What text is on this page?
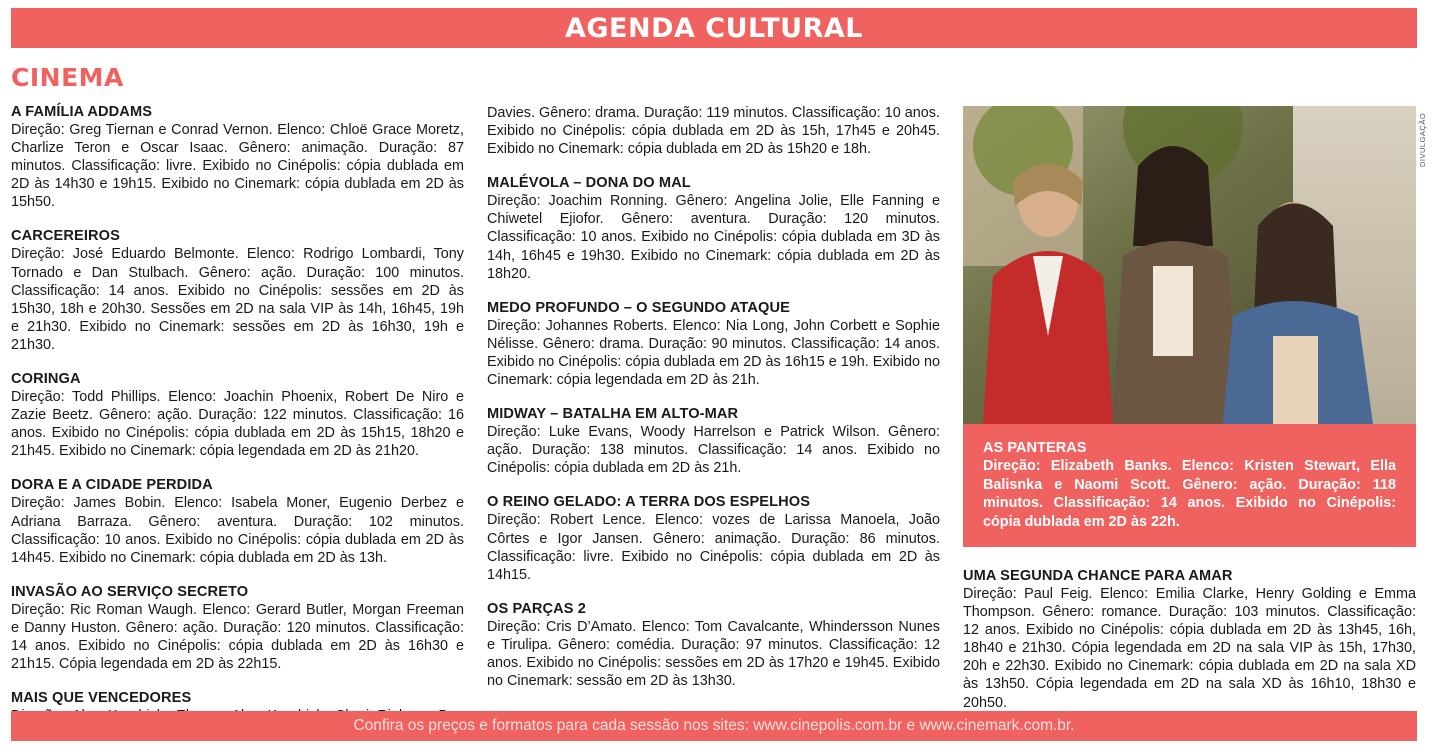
AGENDA CULTURAL
CINEMA
A FAMÍLIA ADDAMS

Direção: Greg Tiernan e Conrad Vernon. Elenco: Chloë Grace Moretz, Charlize Teron e Oscar Isaac. Gênero: animação. Duração: 87 minutos. Classificação: livre. Exibido no Cinépolis: cópia dublada em 2D às 14h30 e 19h15. Exibido no Cinemark: cópia dublada em 2D às 15h50.

CARCEREIROS

Direção: José Eduardo Belmonte. Elenco: Rodrigo Lombardi, Tony Tornado e Dan Stulbach. Gênero: ação. Duração: 100 minutos. Classificação: 14 anos. Exibido no Cinépolis: sessões em 2D às 15h30, 18h e 20h30. Sessões em 2D na sala VIP às 14h, 16h45, 19h e 21h30. Exibido no Cinemark: sessões em 2D às 16h30, 19h e 21h30.

CORINGA

Direção: Todd Phillips. Elenco: Joachin Phoenix, Robert De Niro e Zazie Beetz. Gênero: ação. Duração: 122 minutos. Classificação: 16 anos. Exibido no Cinépolis: cópia dublada em 2D às 15h15, 18h20 e 21h45. Exibido no Cinemark: cópia legendada em 2D às 21h20.

DORA E A CIDADE PERDIDA

Direção: James Bobin. Elenco: Isabela Moner, Eugenio Derbez e Adriana Barraza. Gênero: aventura. Duração: 102 minutos. Classificação: 10 anos. Exibido no Cinépolis: cópia dublada em 2D às 14h45. Exibido no Cinemark: cópia dublada em 2D às 13h.

INVASÃO AO SERVIÇO SECRETO

Direção: Ric Roman Waugh. Elenco: Gerard Butler, Morgan Freeman e Danny Huston. Gênero: ação. Duração: 120 minutos. Classificação: 14 anos. Exibido no Cinépolis: cópia dublada em 2D às 16h30 e 21h15. Cópia legendada em 2D às 22h15.

MAIS QUE VENCEDORES

Davies. Gênero: drama. Duração: 119 minutos. Classificação: 10 anos. Exibido no Cinépolis: cópia dublada em 2D às 15h, 17h45 e 20h45. Exibido no Cinemark: cópia dublada em 2D às 15h20 e 18h.

MALÉVOLA – DONA DO MAL

Direção: Joachim Ronning. Gênero: Angelina Jolie, Elle Fanning e Chiwetel Ejiofor. Gênero: aventura. Duração: 120 minutos. Classificação: 10 anos. Exibido no Cinépolis: cópia dublada em 3D às 14h, 16h45 e 19h30. Exibido no Cinemark: cópia dublada em 2D às 18h20.

MEDO PROFUNDO – O SEGUNDO ATAQUE

Direção: Johannes Roberts. Elenco: Nia Long, John Corbett e Sophie Nélisse. Gênero: drama. Duração: 90 minutos. Classificação: 14 anos. Exibido no Cinépolis: cópia dublada em 2D às 16h15 e 19h. Exibido no Cinemark: cópia legendada em 2D às 21h.

MIDWAY – BATALHA EM ALTO-MAR

Direção: Luke Evans, Woody Harrelson e Patrick Wilson. Gênero: ação. Duração: 138 minutos. Classificação: 14 anos. Exibido no Cinépolis: cópia dublada em 2D às 21h.

O REINO GELADO: A TERRA DOS ESPELHOS

Direção: Robert Lence. Elenco: vozes de Larissa Manoela, João Côrtes e Igor Jansen. Gênero: animação. Duração: 86 minutos. Classificação: livre. Exibido no Cinépolis: cópia dublada em 2D às 14h15.

OS PARÇAS 2

Direção: Cris D’Amato. Elenco: Tom Cavalcante, Whindersson Nunes e Tirulipa. Gênero: comédia. Duração: 97 minutos. Classificação: 12 anos. Exibido no Cinépolis: sessões em 2D às 17h20 e 19h45. Exibido no Cinemark: sessão em 2D às 13h30.

DIVULGAÇÃO
AS PANTERAS

Direção: Elizabeth Banks. Elenco: Kristen Stewart, Ella Balisnka e Naomi Scott. Gênero: ação. Duração: 118 minutos. Classificação: 14 anos. Exibido no Cinépolis: cópia dublada em 2D às 22h.

UMA SEGUNDA CHANCE PARA AMAR

Direção: Paul Feig. Elenco: Emilia Clarke, Henry Golding e Emma Thompson. Gênero: romance. Duração: 103 minutos. Classificação: 12 anos. Exibido no Cinépolis: cópia dublada em 2D às 13h45, 16h, 18h40 e 21h30. Cópia legendada em 2D na sala VIP às 15h, 17h30, 20h e 22h30. Exibido no Cinemark: cópia dublada em 2D na sala XD às 13h50. Cópia legendada em 2D na sala XD às 16h10, 18h30 e 20h50.

Confira os preços e formatos para cada sessão nos sites: www.cinepolis.com.br e www.cinemark.com.br.
